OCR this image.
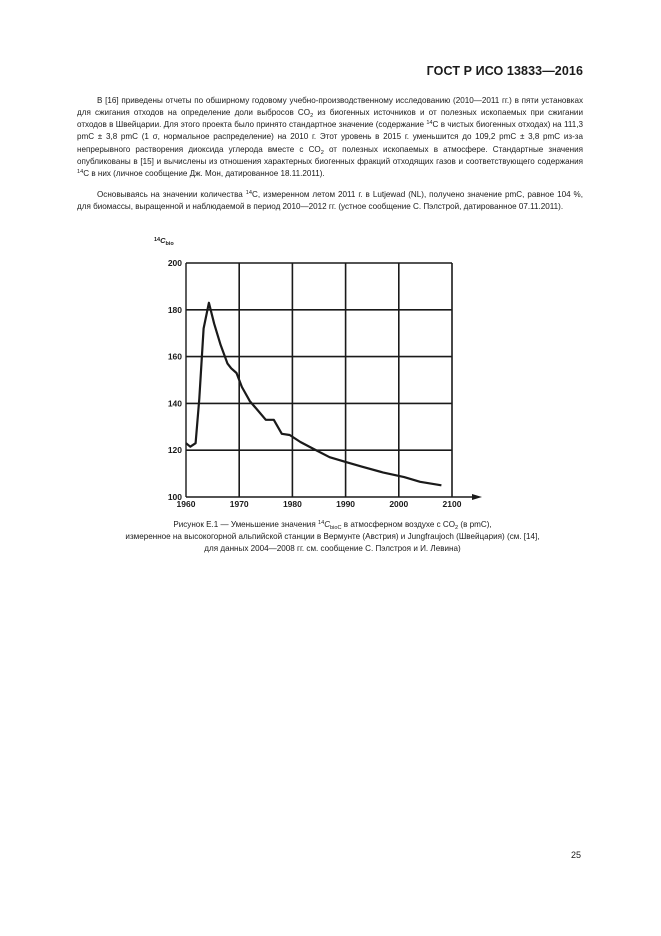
ГОСТ Р ИСО 13833—2016

В [16] приведены отчеты по обширному годовому учебно-производственному исследованию (2010—2011 гг.) в пяти установках для сжигания отходов на определение доли выбросов $CO_2$ из биогенных источников и от полезных ископаемых при сжигании отходов в Швейцарии. Для этого проекта было принято стандартное значение (содержание $^{14}$C в чистых биогенных отходах) на 111,3 pmC ± 3,8 pmC (1 σ, нормальное распределение) на 2010 г. Этот уровень в 2015 г. уменьшится до 109,2 pmC ± 3,8 pmC из-за непрерывного растворения диоксида углерода вместе с $CO_2$ от полезных ископаемых в атмосфере. Стандартные значения опубликованы в [15] и вычислены из отношения характерных биогенных фракций отходящих газов и соответствующего содержания $^{14}$C в них (личное сообщение Дж. Мон, датированное 18.11.2011).

Основываясь на значении количества $^{14}$C, измеренном летом 2011 г. в Lutjewad (NL), получено значение pmC, равное 104 %, для биомассы, выращенной и наблюдаемой в период 2010—2012 гг. (устное сообщение С. Пэлстрой, датированное 07.11.2011).

$^{14}C_{bio}$
100
120
140
160
180
200
1960	1970	1980	1990	2000	2100
Рисунок Е.1 — Уменьшение значения $^{14}C_{bioC}$ в атмосферном воздухе с $CO_2$ (в pmC),
измеренное на высокогорной альпийской станции в Вермунте (Австрия) и Jungfraujoch (Швейцария) (см. [14],
для данных 2004—2008 гг. см. сообщение С. Пэлстроя и И. Левина)
25
